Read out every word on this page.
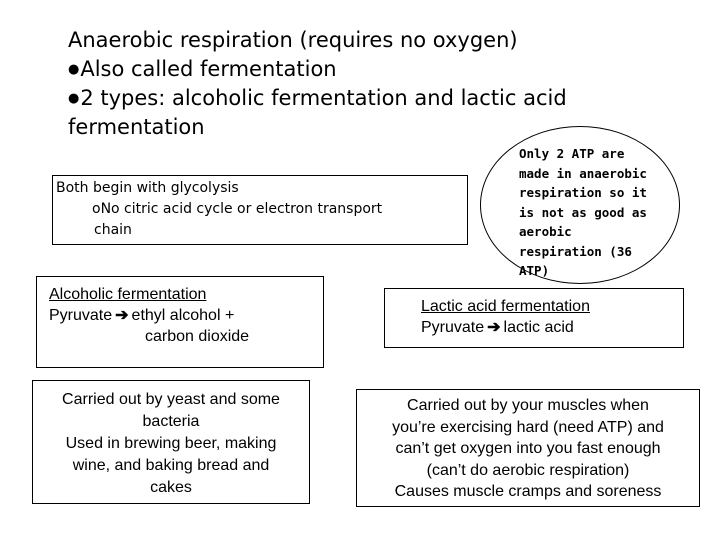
Anaerobic respiration (requires no oxygen)
●Also called fermentation
●2 types: alcoholic fermentation and lactic acid
fermentation
Both begin with glycolysis
oNo citric acid cycle or electron transport
chain
Only 2 ATP are
made in anaerobic
respiration so it
is not as good as
aerobic
respiration (36
ATP)
Alcoholic fermentation
Pyruvate ➔ ethyl alcohol +
carbon dioxide
Lactic acid fermentation
Pyruvate ➔ lactic acid
Carried out by yeast and some
bacteria
Used in brewing beer, making
wine, and baking bread and
cakes
Carried out by your muscles when
you’re exercising hard (need ATP) and
can’t get oxygen into you fast enough
(can’t do aerobic respiration)
Causes muscle cramps and soreness
